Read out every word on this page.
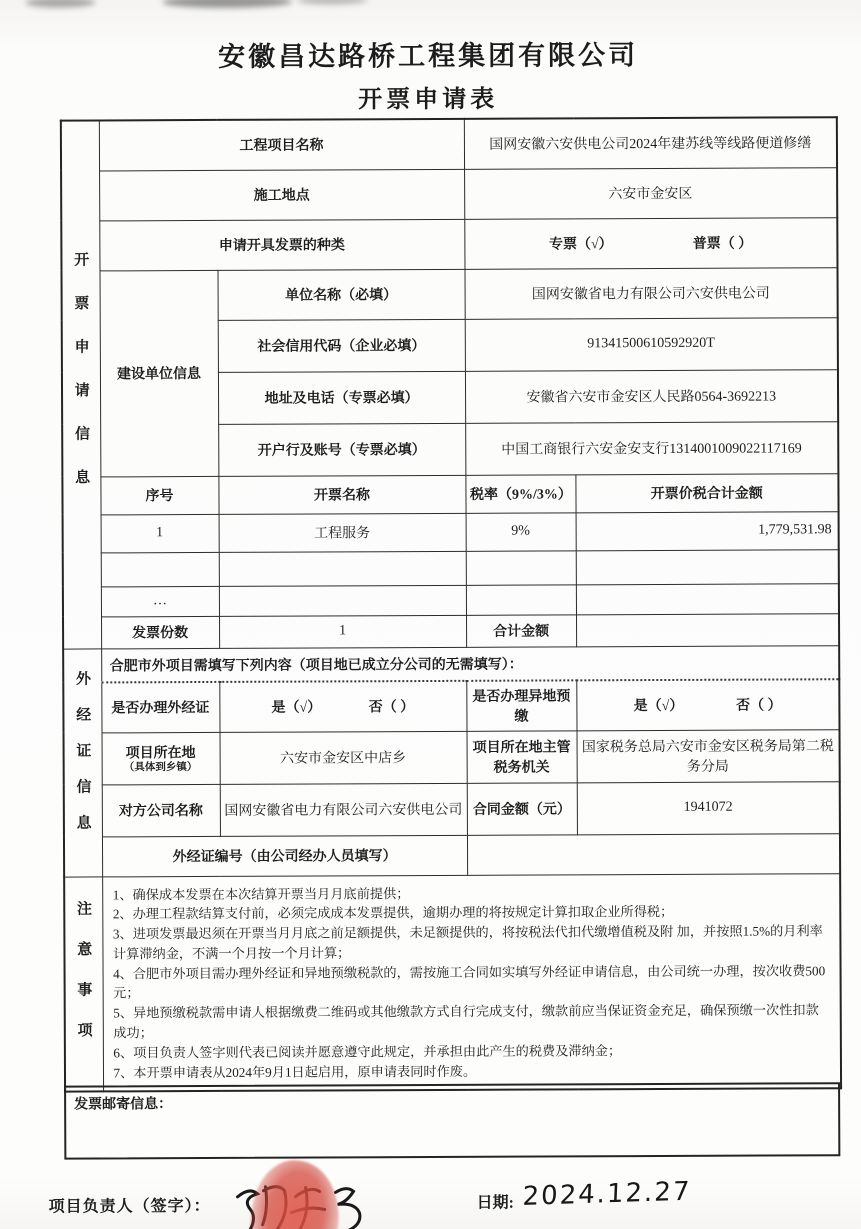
安徽昌达路桥工程集团有限公司
开票申请表
开票申请信息	工程项目名称		国网安徽六安供电公司2024年建苏线等线路便道修缮	
	施工地点		六安市金安区	
	申请开具发票的种类		专票（√） 普票（ ）	

	建设单位信息	单位名称（必填）	国网安徽省电力有限公司六安供电公司	
		社会信用代码（企业必填）	91341500610592920T	
		地址及电话（专票必填）	安徽省六安市金安区人民路0564-3692213	
		开户行及账号（专票必填）	中国工商银行六安金安支行1314001009022117169	
	序号	开票名称	税率（9%/3%）	开票价税合计金额
	1	工程服务	9%	1,779,531.98

	…			
	发票份数	1	合计金额	
外经证信息	合肥市外项目需填写下列内容（项目地已成立分公司的无需填写）：			
	是否办理外经证	是（√） 否（ ）	是否办理异地预缴	是（√） 否（ ）

	项目所在地
（具体到乡镇）	六安市金安区中店乡	项目所在地主管税务机关	国家税务总局六安市金安区税务局第二税务分局
	对方公司名称	国网安徽省电力有限公司六安供电公司	合同金额（元）	1941072
	外经证编号（由公司经办人员填写）			
注意事项	
1、确保成本发票在本次结算开票当月月底前提供；
2、办理工程款结算支付前，必须完成成本发票提供，逾期办理的将按规定计算扣取企业所得税；
3、进项发票最迟须在开票当月月底之前足额提供，未足额提供的，将按税法代扣代缴增值税及附 加，并按照1.5%的月利率计算滞纳金，不满一个月按一个月计算；
4、合肥市外项目需办理外经证和异地预缴税款的，需按施工合同如实填写外经证申请信息，由公司统一办理，按次收费500元；
5、异地预缴税款需申请人根据缴费二维码或其他缴款方式自行完成支付，缴款前应当保证资金充足，确保预缴一次性扣款成功；
6、项目负责人签字则代表已阅读并愿意遵守此规定，并承担由此产生的税费及滞纳金；
7、本开票申请表从2024年9月1日起启用，原申请表同时作废。
发票邮寄信息：
项目负责人（签字）：	日期: 2024.12.27
